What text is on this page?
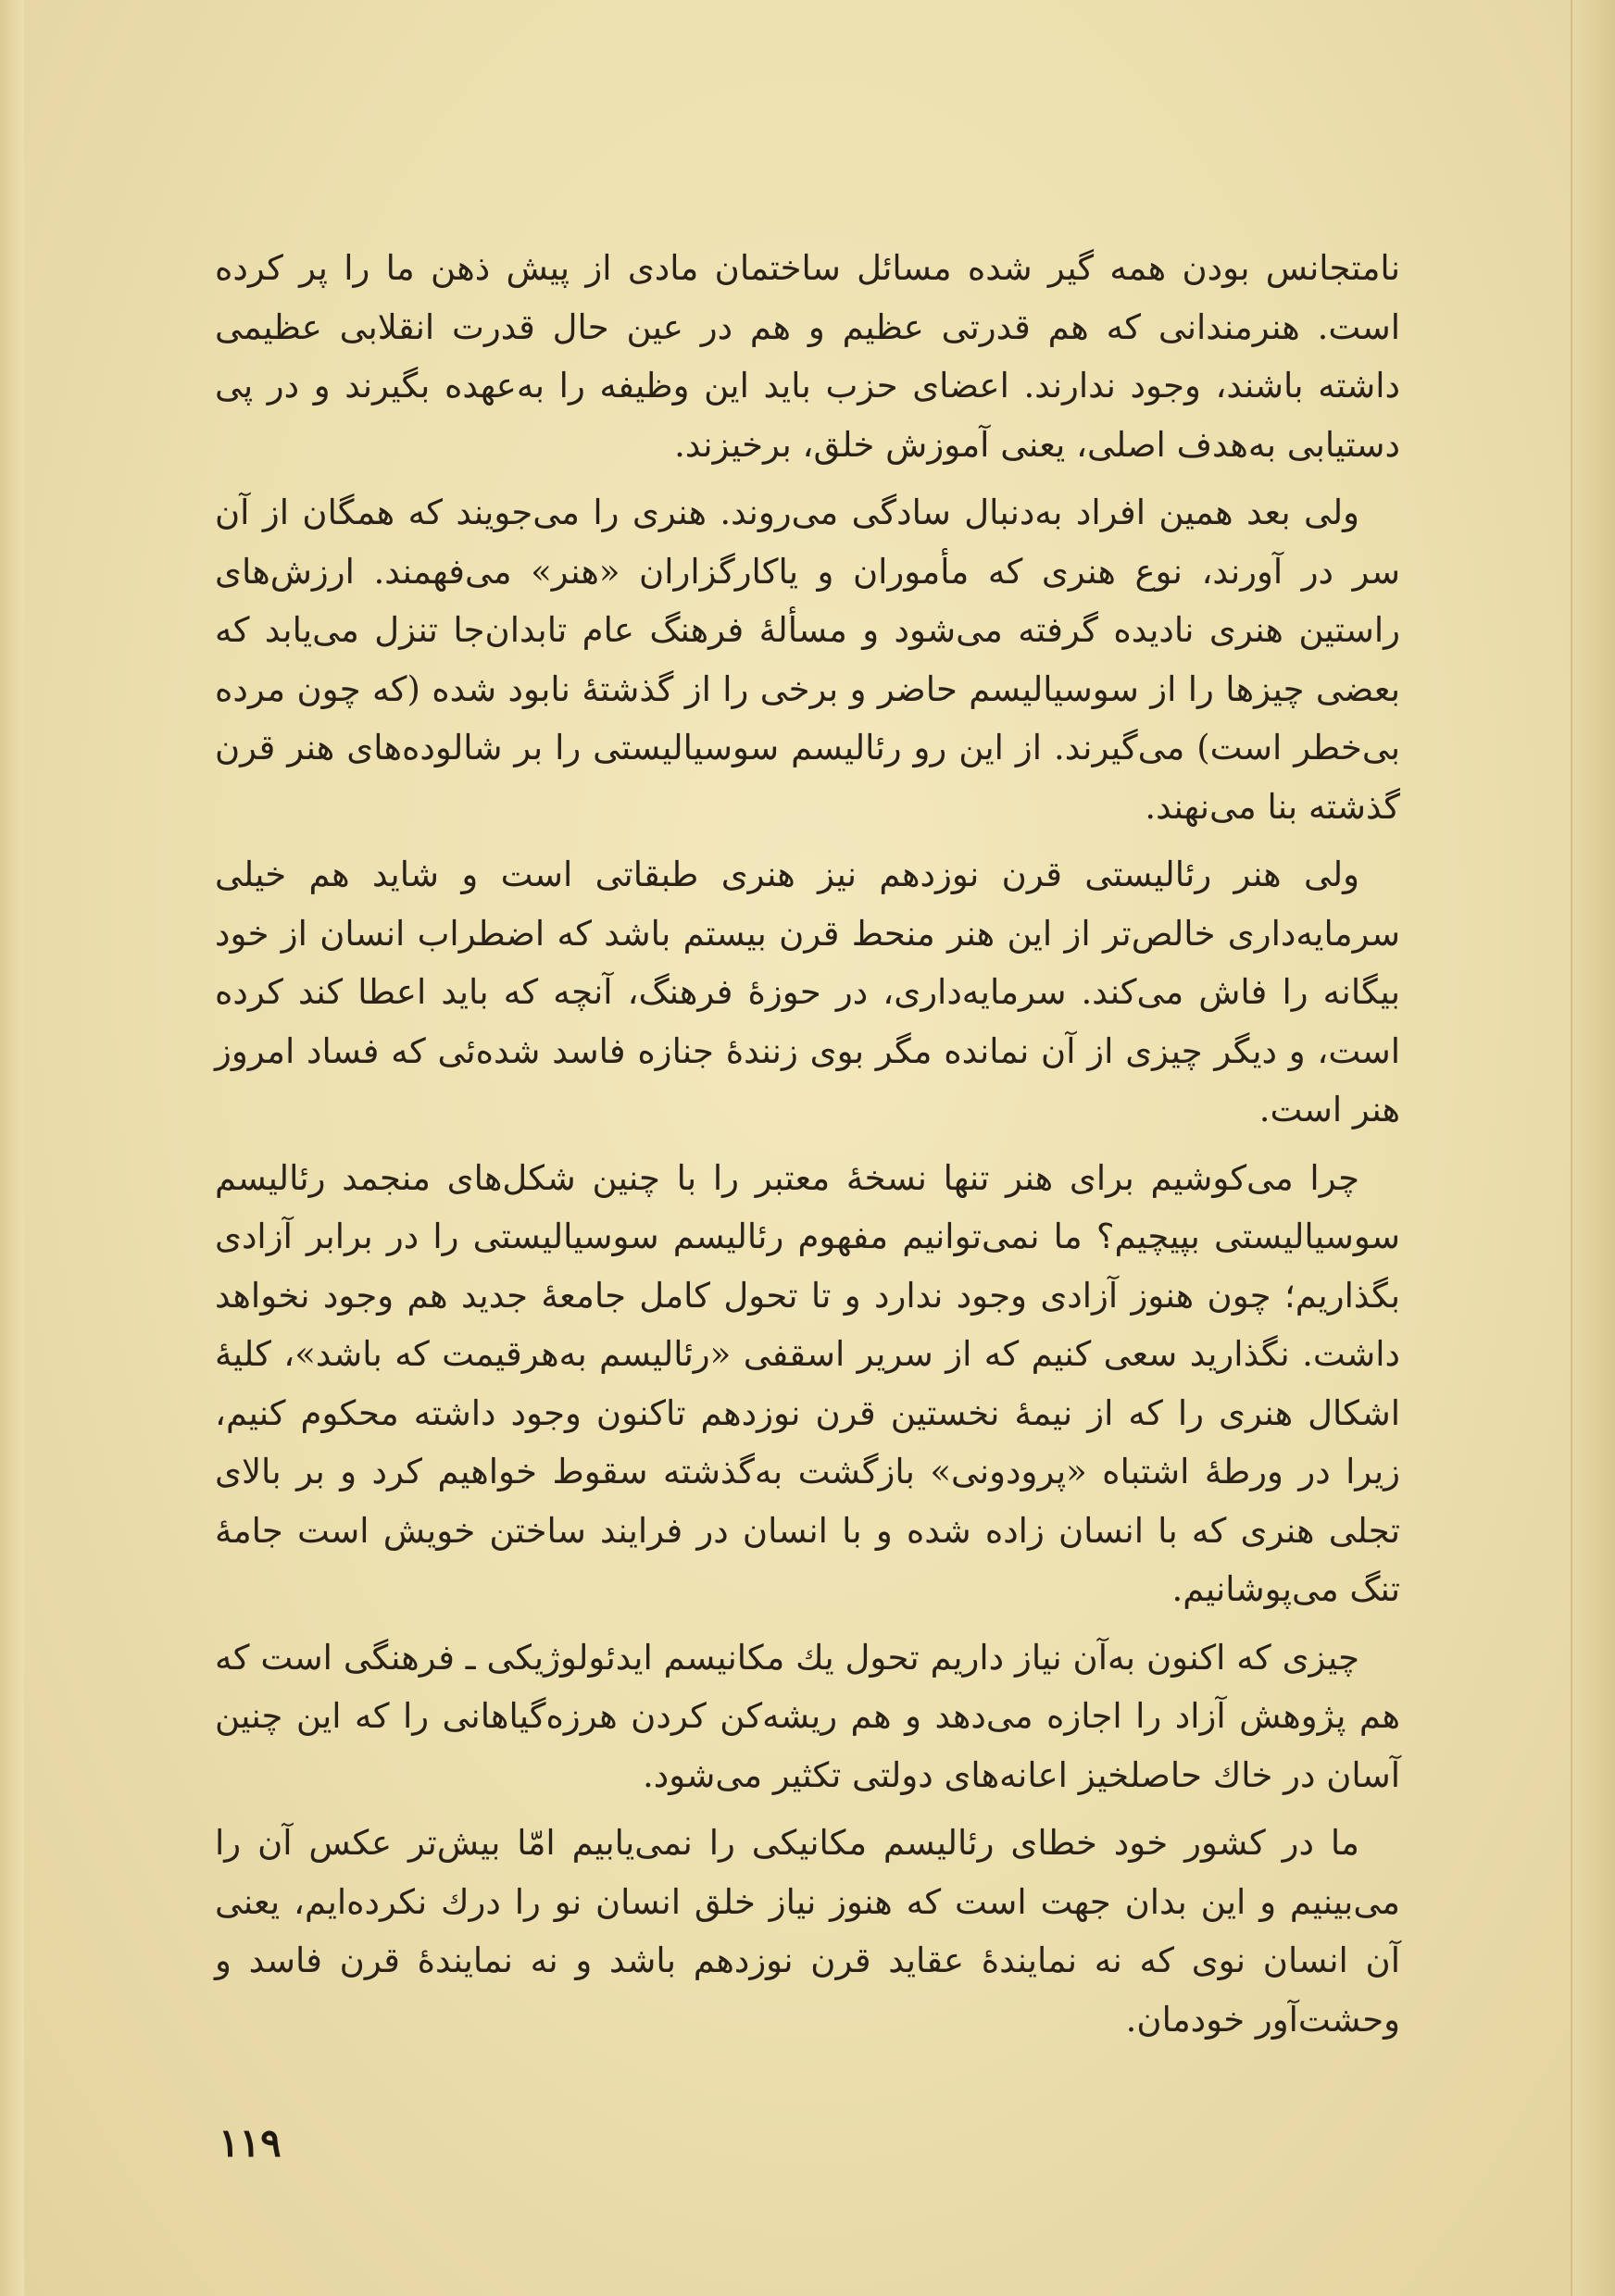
نامتجانس بودن همه گیر شده مسائل ساختمان مادی از پیش ذهن ما را پر کرده است. هنرمندانی که هم قدرتی عظیم و هم در عین حال قدرت انقلابی عظیمی داشته باشند، وجود ندارند. اعضای حزب باید این وظیفه را به‌عهده بگیرند و در پی دستیابی به‌هدف اصلی، یعنی آموزش خلق، برخیزند.

ولی بعد همین افراد به‌دنبال سادگی می‌روند. هنری را می‌جویند که همگان از آن سر در آورند، نوع هنری که مأموران و یاکارگزاران «هنر» می‌فهمند. ارزش‌های راستین هنری نادیده گرفته می‌شود و مسألهٔ فرهنگ عام تابدان‌جا تنزل می‌یابد که بعضی چیزها را از سوسیالیسم حاضر و برخی را از گذشتهٔ نابود شده (که چون مرده بی‌خطر است) می‌گیرند. از این رو رئالیسم سوسیالیستی را بر شالوده‌های هنر قرن گذشته بنا می‌نهند.

ولی هنر رئالیستی قرن نوزدهم نیز هنری طبقاتی است و شاید هم خیلی سرمایه‌داری خالص‌تر از این هنر منحط قرن بیستم باشد که اضطراب انسان از خود بیگانه را فاش می‌کند. سرمایه‌داری، در حوزهٔ فرهنگ، آنچه که باید اعطا کند کرده است، و دیگر چیزی از آن نمانده مگر بوی زنندهٔ جنازه فاسد شده‌ئی که فساد امروز هنر است.

چرا می‌کوشیم برای هنر تنها نسخهٔ معتبر را با چنین شکل‌های منجمد رئالیسم سوسیالیستی بپیچیم؟ ما نمی‌توانیم مفهوم رئالیسم سوسیالیستی را در برابر آزادی بگذاریم؛ چون هنوز آزادی وجود ندارد و تا تحول کامل جامعهٔ جدید هم وجود نخواهد داشت. نگذارید سعی کنیم که از سریر اسقفی «رئالیسم به‌هرقیمت که باشد»، کلیهٔ اشکال هنری را که از نیمهٔ نخستین قرن نوزدهم تاکنون وجود داشته محکوم کنیم، زیرا در ورطهٔ اشتباه «پرودونی» بازگشت به‌گذشته سقوط خواهیم کرد و بر بالای تجلی هنری که با انسان زاده شده و با انسان در فرایند ساختن خویش است جامهٔ تنگ می‌پوشانیم.

چیزی که اکنون به‌آن نیاز داریم تحول یك مکانیسم ایدئولوژیکی ـ فرهنگی است که هم پژوهش آزاد را اجازه می‌دهد و هم ریشه‌کن کردن هرزه‌گیاهانی را که این چنین آسان در خاك حاصلخیز اعانه‌های دولتی تکثیر می‌شود.

ما در کشور خود خطای رئالیسم مکانیکی را نمی‌یابیم امّا بیش‌تر عکس آن را می‌بینیم و این بدان جهت است که هنوز نیاز خلق انسان نو را درك نکرده‌ایم، یعنی آن انسان نوی که نه نمایندهٔ عقاید قرن نوزدهم باشد و نه نمایندهٔ قرن فاسد و وحشت‌آور خودمان.

١١٩
